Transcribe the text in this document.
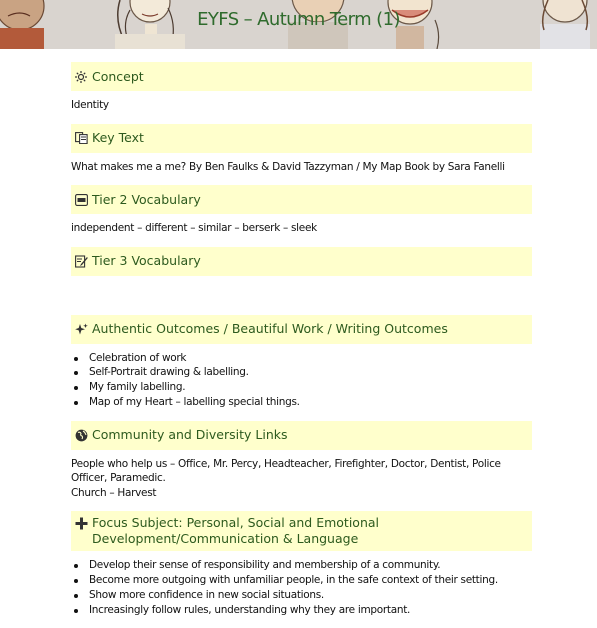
EYFS – Autumn Term (1)
Concept
Identity
Key Text
What makes me a me? By Ben Faulks & David Tazzyman / My Map Book by Sara Fanelli
Tier 2 Vocabulary
independent – different – similar – berserk – sleek
Tier 3 Vocabulary
Authentic Outcomes / Beautiful Work / Writing Outcomes
Celebration of work
Self-Portrait drawing & labelling.
My family labelling.
Map of my Heart – labelling special things.
Community and Diversity Links
People who help us – Office, Mr. Percy, Headteacher, Firefighter, Doctor, Dentist, Police Officer, Paramedic.
Church – Harvest
Focus Subject: Personal, Social and Emotional Development/Communication & Language
Develop their sense of responsibility and membership of a community.
Become more outgoing with unfamiliar people, in the safe context of their setting.
Show more confidence in new social situations.
Increasingly follow rules, understanding why they are important.
